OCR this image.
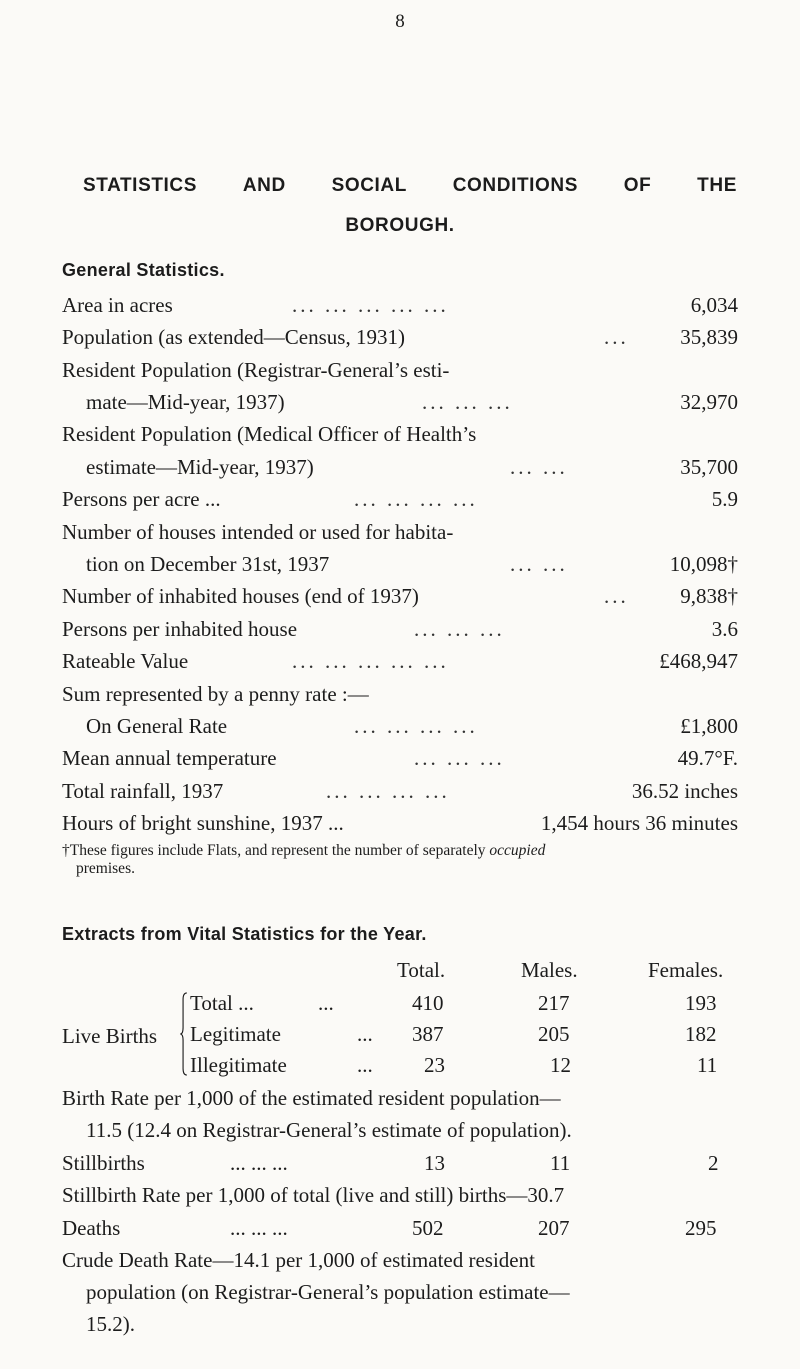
8
STATISTICS AND SOCIAL CONDITIONS OF THE
BOROUGH.
General Statistics.
Area in acres	... ... ... ... ...	6,034
Population (as extended—Census, 1931)	... 35,839
Resident Population (Registrar-General’s esti-
mate—Mid-year, 1937)	... ... ...	32,970
Resident Population (Medical Officer of Health’s
estimate—Mid-year, 1937)	... ...	35,700
Persons per acre ...	... ... ... ...	5.9
Number of houses intended or used for habita-
tion on December 31st, 1937	... ...	10,098†
Number of inhabited houses (end of 1937)	... 9,838†
Persons per inhabited house	... ... ...	3.6
Rateable Value	... ... ... ... ...	£468,947
Sum represented by a penny rate :—
On General Rate	... ... ... ...	£1,800
Mean annual temperature	... ... ...	49.7°F.
Total rainfall, 1937	... ... ... ...	36.52 inches
Hours of bright sunshine, 1937 ...	1,454 hours 36 minutes
†These figures include Flats, and represent the number of separately occupied
premises.
Extracts from Vital Statistics for the Year.
Total.	Males.	Females.
Live Births
Total ...	...	410	217	193
Legitimate	... 387	205	182
Illegitimate	... 23	12	11
Birth Rate per 1,000 of the estimated resident population—
11.5 (12.4 on Registrar-General’s estimate of population).
Stillbirths	... ... ...	13	11	2
Stillbirth Rate per 1,000 of total (live and still) births—30.7
Deaths	... ... ...	502	207	295
Crude Death Rate—14.1 per 1,000 of estimated resident
population (on Registrar-General’s population estimate—
15.2).
